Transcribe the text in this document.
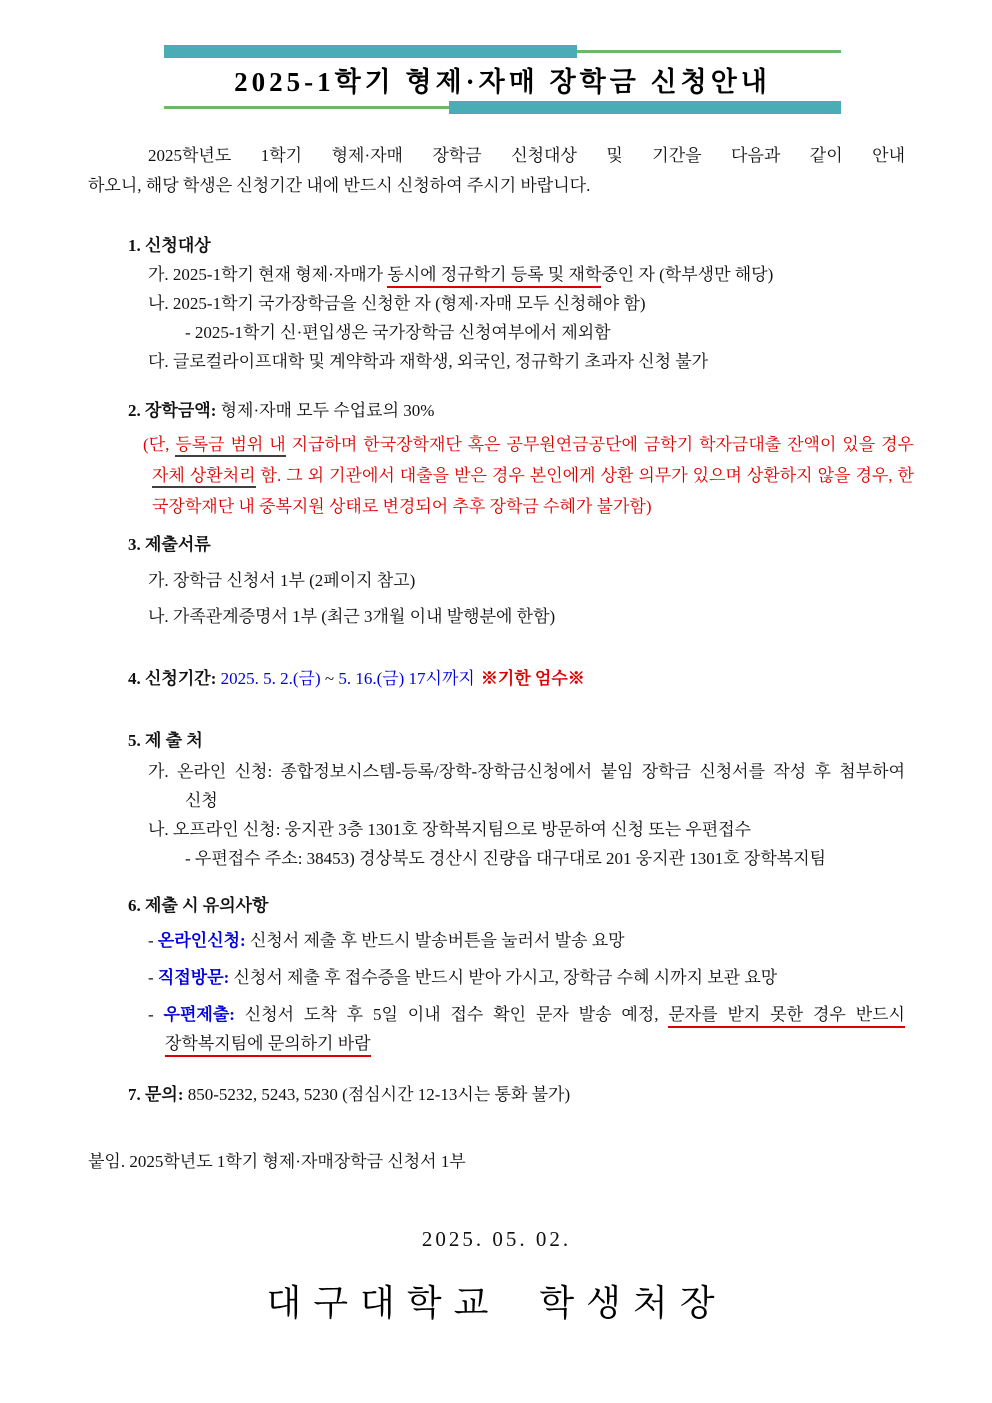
2025-1학기 형제·자매 장학금 신청안내

2025학년도 1학기 형제·자매 장학금 신청대상 및 기간을 다음과 같이 안내

하오니, 해당 학생은 신청기간 내에 반드시 신청하여 주시기 바랍니다.

1. 신청대상

가. 2025-1학기 현재 형제·자매가 동시에 정규학기 등록 및 재학중인 자 (학부생만 해당)

나. 2025-1학기 국가장학금을 신청한 자 (형제·자매 모두 신청해야 함)

- 2025-1학기 신·편입생은 국가장학금 신청여부에서 제외함

다. 글로컬라이프대학 및 계약학과 재학생, 외국인, 정규학기 초과자 신청 불가

2. 장학금액: 형제·자매 모두 수업료의 30%

(단, 등록금 범위 내 지급하며 한국장학재단 혹은 공무원연금공단에 금학기 학자금대출 잔액이 있을 경우 자체 상환처리 함. 그 외 기관에서 대출을 받은 경우 본인에게 상환 의무가 있으며 상환하지 않을 경우, 한국장학재단 내 중복지원 상태로 변경되어 추후 장학금 수혜가 불가함)

3. 제출서류

가. 장학금 신청서 1부 (2페이지 참고)

나. 가족관계증명서 1부 (최근 3개월 이내 발행분에 한함)

4. 신청기간: 2025. 5. 2.(금) ~ 5. 16.(금) 17시까지 ※기한 엄수※

5. 제 출 처

가. 온라인 신청: 종합정보시스템-등록/장학-장학금신청에서 붙임 장학금 신청서를 작성 후 첨부하여 신청

나. 오프라인 신청: 웅지관 3층 1301호 장학복지팀으로 방문하여 신청 또는 우편접수

- 우편접수 주소: 38453) 경상북도 경산시 진량읍 대구대로 201 웅지관 1301호 장학복지팀

6. 제출 시 유의사항

- 온라인신청: 신청서 제출 후 반드시 발송버튼을 눌러서 발송 요망

- 직접방문: 신청서 제출 후 접수증을 반드시 받아 가시고, 장학금 수혜 시까지 보관 요망

- 우편제출: 신청서 도착 후 5일 이내 접수 확인 문자 발송 예정, 문자를 받지 못한 경우 반드시 장학복지팀에 문의하기 바람

7. 문의: 850-5232, 5243, 5230 (점심시간 12-13시는 통화 불가)

붙임. 2025학년도 1학기 형제·자매장학금 신청서 1부

2025. 05. 02.

대구대학교 학생처장
